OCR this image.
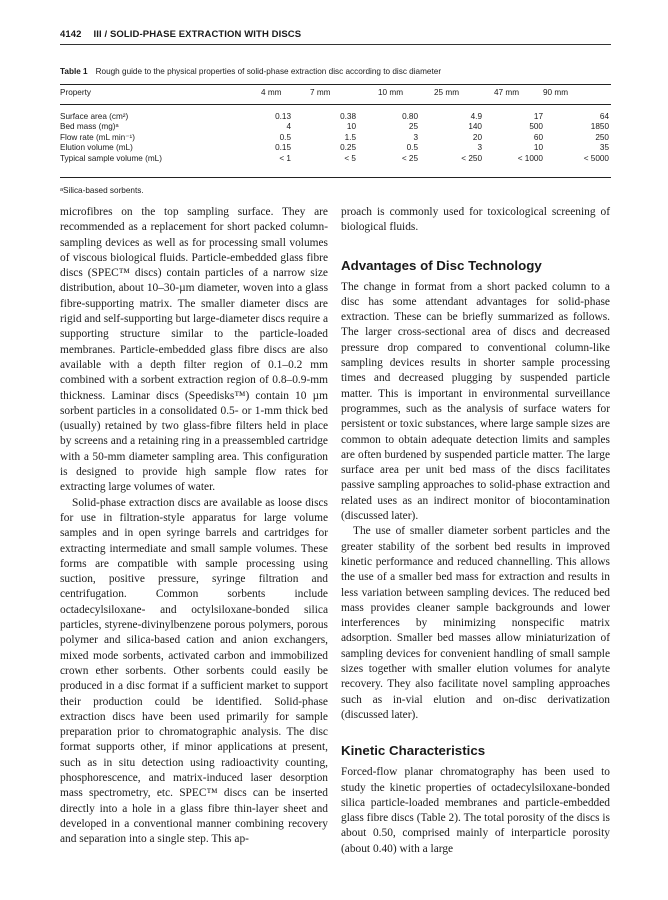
4142 III / SOLID-PHASE EXTRACTION WITH DISCS
Table 1 Rough guide to the physical properties of solid-phase extraction disc according to disc diameter
Property	4 mm	7 mm	10 mm	25 mm	47 mm	90 mm
Surface area (cm²)	0.13	0.38	0.80	4.9	17	64
Bed mass (mg)ᵃ	4	10	25	140	500	1850
Flow rate (mL min⁻¹)	0.5	1.5	3	20	60	250
Elution volume (mL)	0.15	0.25	0.5	3	10	35
Typical sample volume (mL)	< 1	< 5	< 25	< 250	< 1000	< 5000
ᵃSilica-based sorbents.

microfibres on the top sampling surface. They are recommended as a replacement for short packed column-sampling devices as well as for processing small volumes of viscous biological fluids. Particle-embedded glass fibre discs (SPEC™ discs) contain particles of a narrow size distribution, about 10–30-µm diameter, woven into a glass fibre-supporting matrix. The smaller diameter discs are rigid and self-supporting but large-diameter discs require a supporting structure similar to the particle-loaded membranes. Particle-embedded glass fibre discs are also available with a depth filter region of 0.1–0.2 mm combined with a sorbent extraction region of 0.8–0.9-mm thickness. Laminar discs (Speedisks™) contain 10 µm sorbent particles in a consolidated 0.5- or 1-mm thick bed (usually) retained by two glass-fibre filters held in place by screens and a retaining ring in a preassembled cartridge with a 50-mm diameter sampling area. This configuration is designed to provide high sample flow rates for extracting large volumes of water.

Solid-phase extraction discs are available as loose discs for use in filtration-style apparatus for large volume samples and in open syringe barrels and cartridges for extracting intermediate and small sample volumes. These forms are compatible with sample processing using suction, positive pressure, syringe filtration and centrifugation. Common sorbents include octadecylsiloxane- and octylsiloxane-bonded silica particles, styrene-divinylbenzene porous polymers, porous polymer and silica-based cation and anion exchangers, mixed mode sorbents, activated carbon and immobilized crown ether sorbents. Other sorbents could easily be produced in a disc format if a sufficient market to support their production could be identified. Solid-phase extraction discs have been used primarily for sample preparation prior to chromatographic analysis. The disc format supports other, if minor applications at present, such as in situ detection using radioactivity counting, phosphorescence, and matrix-induced laser desorption mass spectrometry, etc. SPEC™ discs can be inserted directly into a hole in a glass fibre thin-layer sheet and developed in a conventional manner combining recovery and separation into a single step. This ap-

proach is commonly used for toxicological screening of biological fluids.

Advantages of Disc Technology

The change in format from a short packed column to a disc has some attendant advantages for solid-phase extraction. These can be briefly summarized as follows. The larger cross-sectional area of discs and decreased pressure drop compared to conventional column-like sampling devices results in shorter sample processing times and decreased plugging by suspended particle matter. This is important in environmental surveillance programmes, such as the analysis of surface waters for persistent or toxic substances, where large sample sizes are common to obtain adequate detection limits and samples are often burdened by suspended particle matter. The large surface area per unit bed mass of the discs facilitates passive sampling approaches to solid-phase extraction and related uses as an indirect monitor of biocontamination (discussed later).

The use of smaller diameter sorbent particles and the greater stability of the sorbent bed results in improved kinetic performance and reduced channelling. This allows the use of a smaller bed mass for extraction and results in less variation between sampling devices. The reduced bed mass provides cleaner sample backgrounds and lower interferences by minimizing nonspecific matrix adsorption. Smaller bed masses allow miniaturization of sampling devices for convenient handling of small sample sizes together with smaller elution volumes for analyte recovery. They also facilitate novel sampling approaches such as in-vial elution and on-disc derivatization (discussed later).

Kinetic Characteristics

Forced-flow planar chromatography has been used to study the kinetic properties of octadecylsiloxane-bonded silica particle-loaded membranes and particle-embedded glass fibre discs (Table 2). The total porosity of the discs is about 0.50, comprised mainly of interparticle porosity (about 0.40) with a large
